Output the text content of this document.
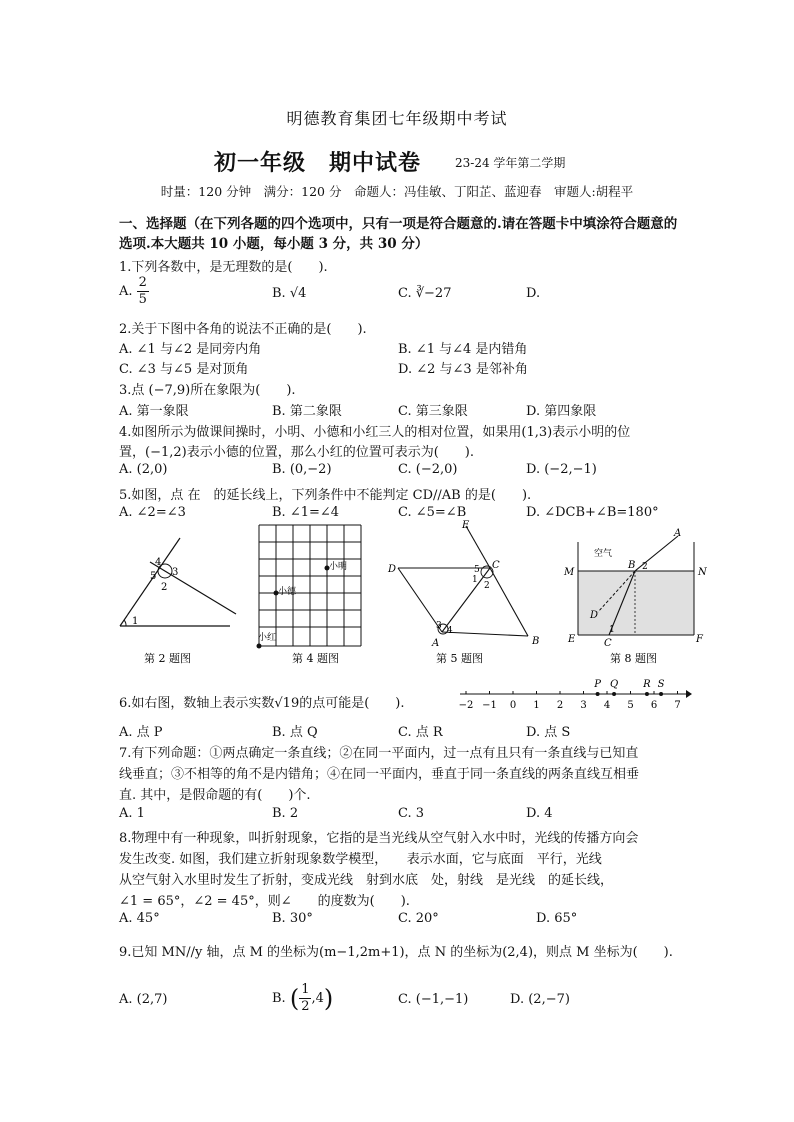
明德教育集团七年级期中考试
初一年级　期中试卷	23-24 学年第二学期
时量：120 分钟　满分：120 分　命题人：冯佳敏、丁阳芷、蓝迎春　审题人:胡程平
一、选择题（在下列各题的四个选项中，只有一项是符合题意的.请在答题卡中填涂符合题意的选项.本大题共 10 小题，每小题 3 分，共 30 分）
1.下列各数中，是无理数的是(　　).
A. $\frac{2}{5}$	B. √4	C. ∛−27	D.
2.关于下图中各角的说法不正确的是(　　).
A. ∠1 与∠2 是同旁内角	B. ∠1 与∠4 是内错角
C. ∠3 与∠5 是对顶角	D. ∠2 与∠3 是邻补角
3.点 (−7,9)所在象限为(　　).
A. 第一象限	B. 第二象限	C. 第三象限	D. 第四象限
4.如图所示为做课间操时，小明、小德和小红三人的相对位置，如果用(1,3)表示小明的位
置，(−1,2)表示小德的位置，那么小红的位置可表示为(　　).
A. (2,0)	B. (0,−2)	C. (−2,0)	D. (−2,−1)
5.如图，点 在　的延长线上，下列条件中不能判定 CD//AB 的是(　　).
A. ∠2=∠3	B. ∠1=∠4	C. ∠5=∠B	D. ∠DCB+∠B=180°
4
5 3
2
1
第 2 题图
小明
小德
小红
第 4 题图
E
D	C
A	B
5
1
2
3 4
第 5 题图
空气
M	N
B 2
A
D
1
C
E	F
第 8 题图
6.如右图，数轴上表示实数√19的点可能是(　　).	−2 −1 0 1 2 3 4 5 6 7
P Q	R S
A. 点 P	B. 点 Q	C. 点 R	D. 点 S
7.有下列命题：①两点确定一条直线；②在同一平面内，过一点有且只有一条直线与已知直
线垂直；③不相等的角不是内错角；④在同一平面内，垂直于同一条直线的两条直线互相垂
直. 其中，是假命题的有(　　)个.
A. 1	B. 2	C. 3	D. 4
8.物理中有一种现象，叫折射现象，它指的是当光线从空气射入水中时，光线的传播方向会
发生改变. 如图，我们建立折射现象数学模型，　　表示水面，它与底面　平行，光线
从空气射入水里时发生了折射，变成光线　射到水底　处，射线　是光线　的延长线，
∠1 = 65°，∠2 = 45°，则∠　　的度数为(　　).
A. 45°	B. 30°	C. 20°	D. 65°
9.已知 MN//y 轴，点 M 的坐标为(m−1,2m+1)，点 N 的坐标为(2,4)，则点 M 坐标为(　　).
A. (2,7)	B. ( $\frac{1}{2} ,4$)	C. (−1,−1)	D. (2,−7)
